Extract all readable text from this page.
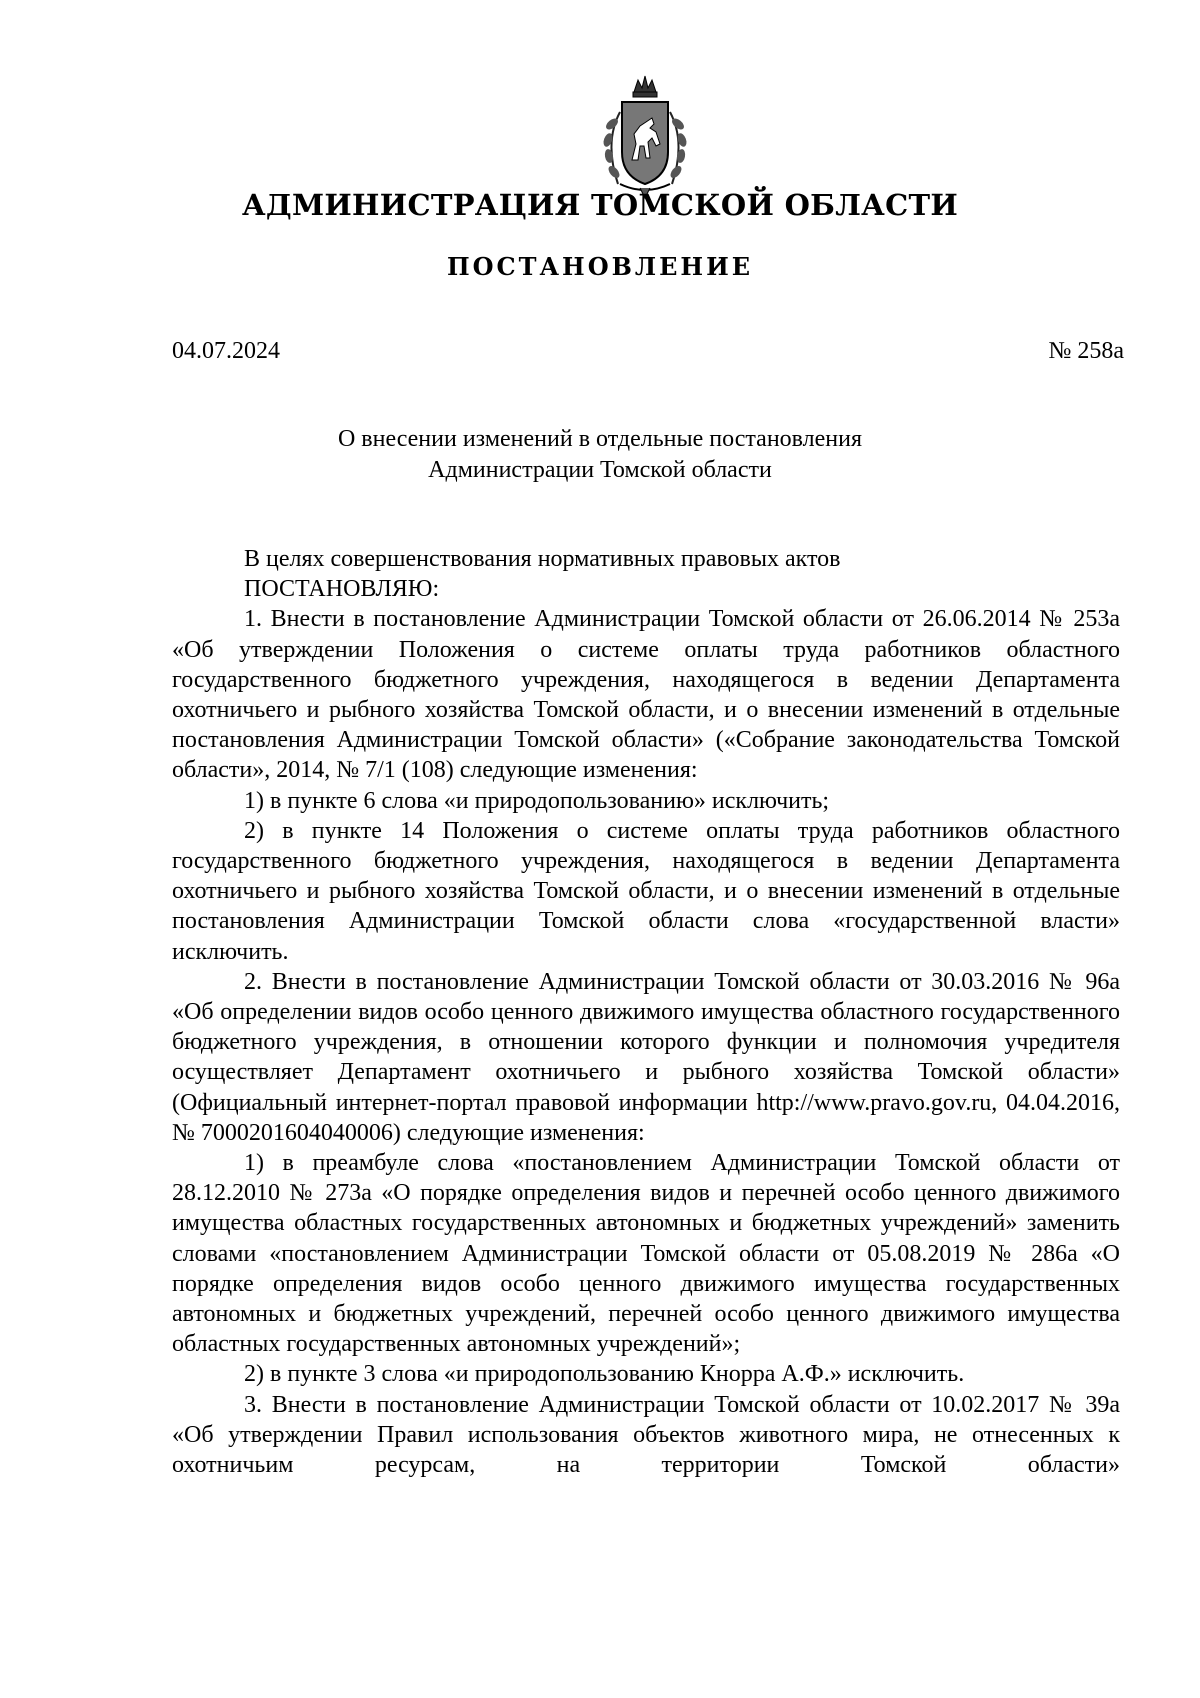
АДМИНИСТРАЦИЯ ТОМСКОЙ ОБЛАСТИ
ПОСТАНОВЛЕНИЕ
04.07.2024	№ 258а
О внесении изменений в отдельные постановления
Администрации Томской области

В целях совершенствования нормативных правовых актов

ПОСТАНОВЛЯЮ:

1. Внести в постановление Администрации Томской области от 26.06.2014 № 253а «Об утверждении Положения о системе оплаты труда работников областного государственного бюджетного учреждения, находящегося в ведении Департамента охотничьего и рыбного хозяйства Томской области, и о внесении изменений в отдельные постановления Администрации Томской области» («Собрание законодательства Томской области», 2014, № 7/1 (108) следующие изменения:

1) в пункте 6 слова «и природопользованию» исключить;

2) в пункте 14 Положения о системе оплаты труда работников областного государственного бюджетного учреждения, находящегося в ведении Департамента охотничьего и рыбного хозяйства Томской области, и о внесении изменений в отдельные постановления Администрации Томской области слова «государственной власти» исключить.

2. Внести в постановление Администрации Томской области от 30.03.2016 № 96а «Об определении видов особо ценного движимого имущества областного государственного бюджетного учреждения, в отношении которого функции и полномочия учредителя осуществляет Департамент охотничьего и рыбного хозяйства Томской области» (Официальный интернет-портал правовой информации http://www.pravo.gov.ru, 04.04.2016, № 7000201604040006) следующие изменения:

1) в преамбуле слова «постановлением Администрации Томской области от 28.12.2010 № 273а «О порядке определения видов и перечней особо ценного движимого имущества областных государственных автономных и бюджетных учреждений» заменить словами «постановлением Администрации Томской области от 05.08.2019 № 286а «О порядке определения видов особо ценного движимого имущества государственных автономных и бюджетных учреждений, перечней особо ценного движимого имущества областных государственных автономных учреждений»;

2) в пункте 3 слова «и природопользованию Кнорра А.Ф.» исключить.

3. Внести в постановление Администрации Томской области от 10.02.2017 № 39а «Об утверждении Правил использования объектов животного мира, не отнесенных к охотничьим ресурсам, на территории Томской области»
